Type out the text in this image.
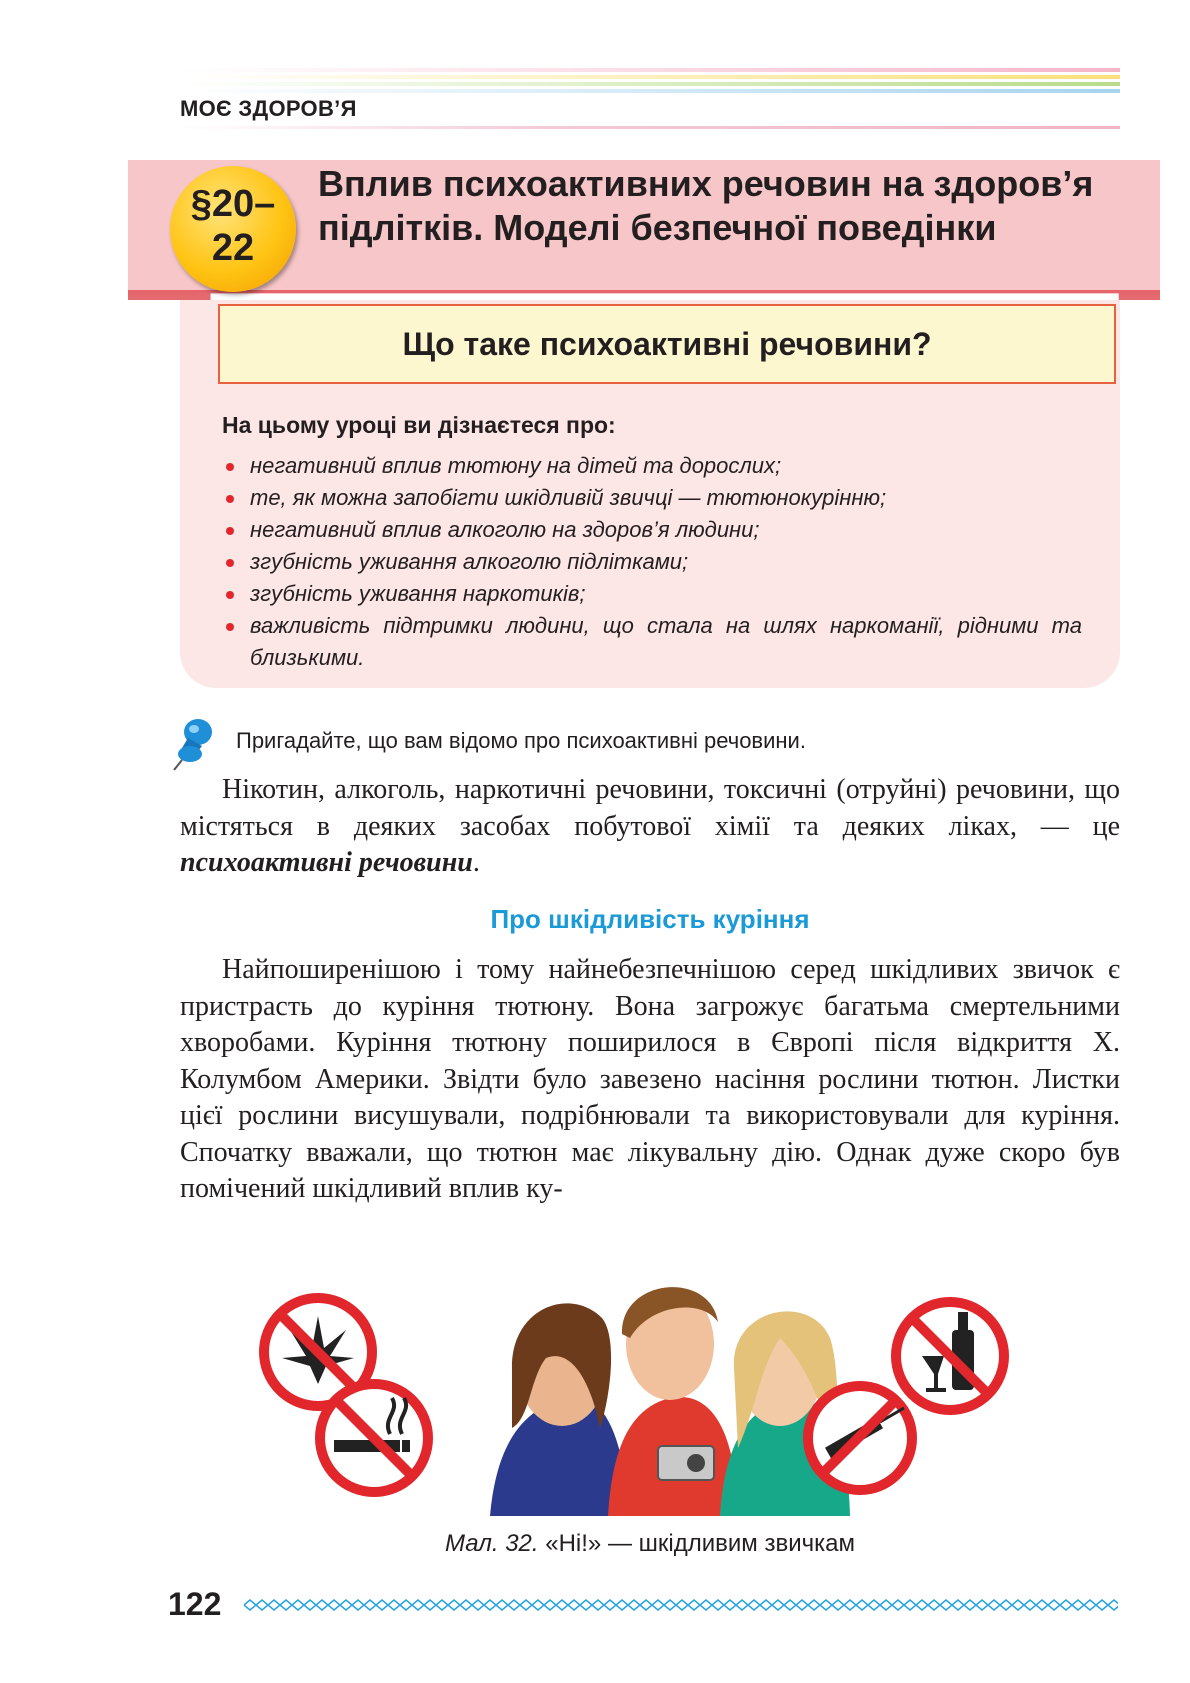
МОЄ ЗДОРОВ’Я
§20–
22
Вплив психоактивних речовин на здоров’я підлітків. Моделі безпечної поведінки
Що таке психоактивні речовини?
На цьому уроці ви дізнаєтеся про:
негативний вплив тютюну на дітей та дорослих;
те, як можна запобігти шкідливій звичці — тютюнокурінню;
негативний вплив алкоголю на здоров’я людини;
згубність уживання алкоголю підлітками;
згубність уживання наркотиків;
важливість підтримки людини, що стала на шлях наркоманії, рідними та близькими.
Пригадайте, що вам відомо про психоактивні речовини.
Нікотин, алкоголь, наркотичні речовини, токсичні (отруйні) речовини, що містяться в деяких засобах побутової хімії та деяких ліках, — це психоактивні речовини.
Про шкідливість куріння
Найпоширенішою і тому найнебезпечнішою серед шкідливих звичок є пристрасть до куріння тютюну. Вона загрожує багатьма смертельними хворобами. Куріння тютюну поширилося в Європі після відкриття Х. Колумбом Америки. Звідти було завезено насіння рослини тютюн. Листки цієї рослини висушували, подрібнювали та використовували для куріння. Спочатку вважали, що тютюн має лікувальну дію. Однак дуже скоро був помічений шкідливий вплив ку-
Мал. 32. «Ні!» — шкідливим звичкам
122
